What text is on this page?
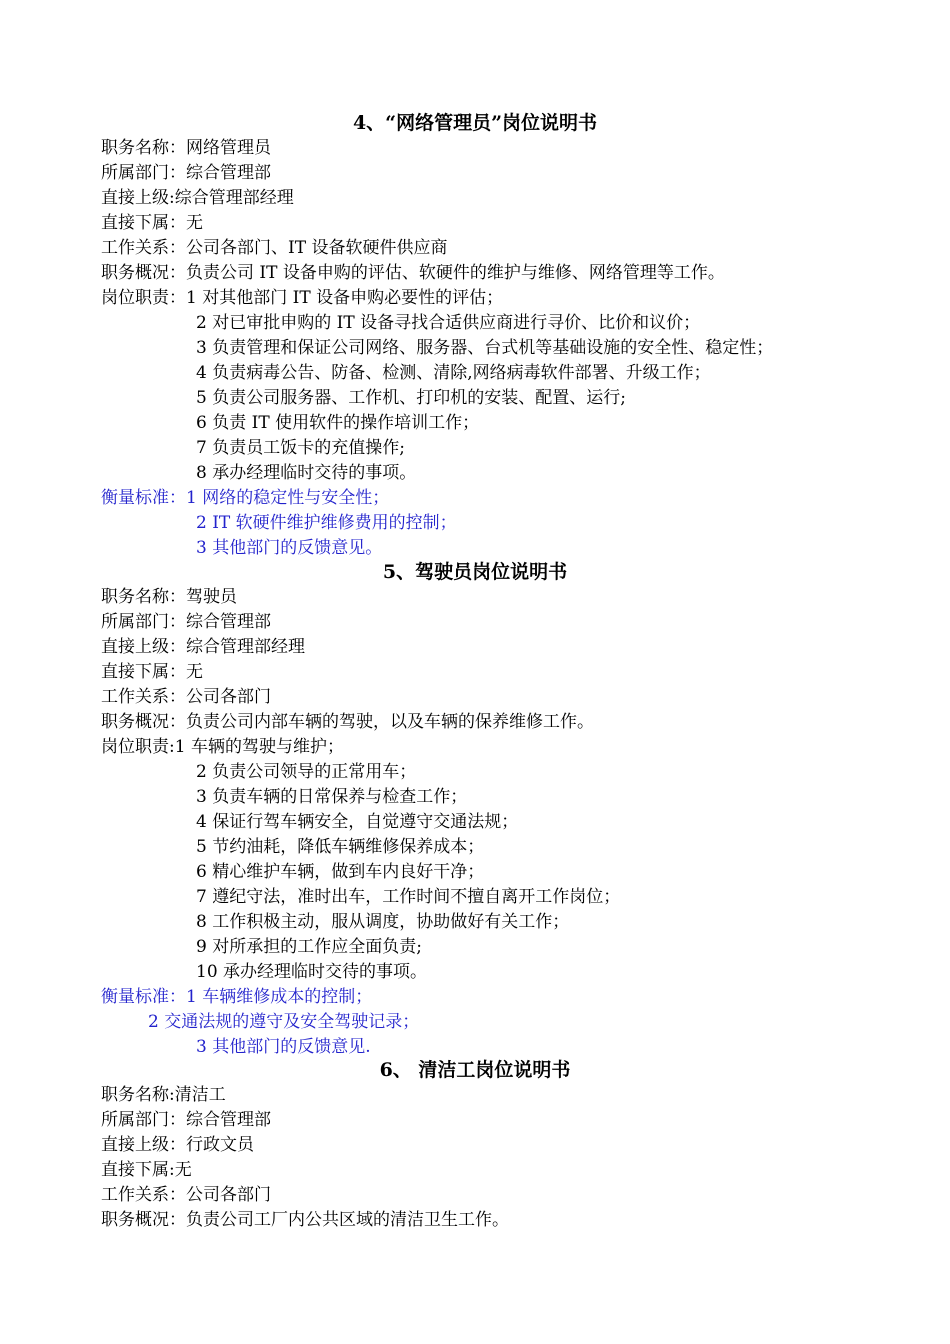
4、“网络管理员”岗位说明书
职务名称：网络管理员
所属部门：综合管理部
直接上级:综合管理部经理
直接下属：无
工作关系：公司各部门、IT 设备软硬件供应商
职务概况：负责公司 IT 设备申购的评估、软硬件的维护与维修、网络管理等工作。
岗位职责：1 对其他部门 IT 设备申购必要性的评估；
2 对已审批申购的 IT 设备寻找合适供应商进行寻价、比价和议价；
3 负责管理和保证公司网络、服务器、台式机等基础设施的安全性、稳定性；
4 负责病毒公告、防备、检测、清除,网络病毒软件部署、升级工作；
5 负责公司服务器、工作机、打印机的安装、配置、运行;
6 负责 IT 使用软件的操作培训工作；
7 负责员工饭卡的充值操作;
8 承办经理临时交待的事项。
衡量标准：1 网络的稳定性与安全性；
2 IT 软硬件维护维修费用的控制；
3 其他部门的反馈意见。
5、驾驶员岗位说明书
职务名称：驾驶员
所属部门：综合管理部
直接上级：综合管理部经理
直接下属：无
工作关系：公司各部门
职务概况：负责公司内部车辆的驾驶，以及车辆的保养维修工作。
岗位职责:1 车辆的驾驶与维护；
2 负责公司领导的正常用车；
3 负责车辆的日常保养与检查工作；
4 保证行驾车辆安全，自觉遵守交通法规；
5 节约油耗，降低车辆维修保养成本；
6 精心维护车辆，做到车内良好干净；
7 遵纪守法，准时出车，工作时间不擅自离开工作岗位；
8 工作积极主动，服从调度，协助做好有关工作；
9 对所承担的工作应全面负责;
10 承办经理临时交待的事项。
衡量标准：1 车辆维修成本的控制；
2 交通法规的遵守及安全驾驶记录；
3 其他部门的反馈意见.
6、 清洁工岗位说明书
职务名称:清洁工
所属部门：综合管理部
直接上级：行政文员
直接下属:无
工作关系：公司各部门
职务概况：负责公司工厂内公共区域的清洁卫生工作。
